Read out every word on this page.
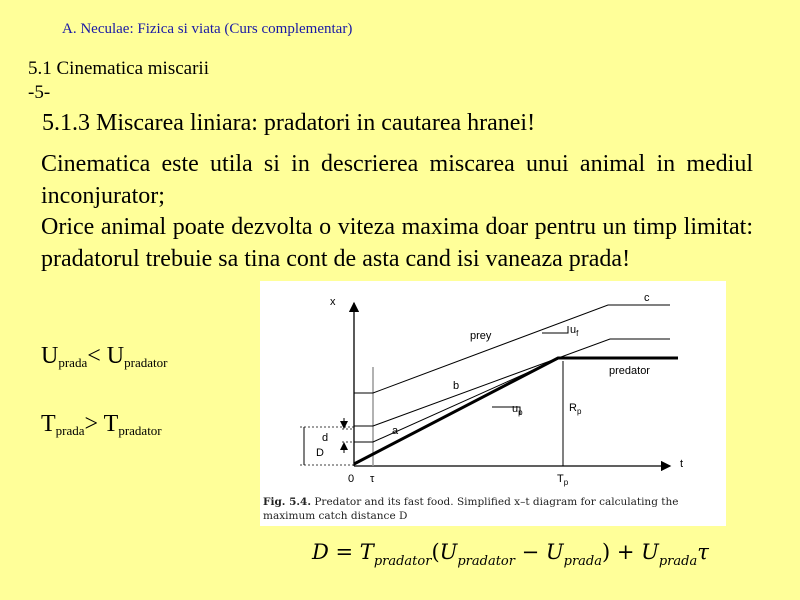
A. Neculae: Fizica si viata (Curs complementar)
5.1 Cinematica miscarii
-5-
5.1.3 Miscarea liniara: pradatori in cautarea hranei!

Cinematica este utila si in descrierea miscarea unui animal in mediul inconjurator;

Orice animal poate dezvolta o viteza maxima doar pentru un timp limitat: pradatorul trebuie sa tina cont de asta cand isi vaneaza prada!

$U_{prada}< U_{pradator}$
$T_{prada}> T_{pradator}$
x
t
0 τ	$T_p$
c
prey	$u_f$
predator
b
$u_p$	$R_p$
a
d
D
Fig. 5.4. Predator and its fast food. Simplified x–t diagram for calculating the maximum catch distance D
$D = T_{pradator}(U_{pradator} - U_{prada}) + U_{prada}\tau$
